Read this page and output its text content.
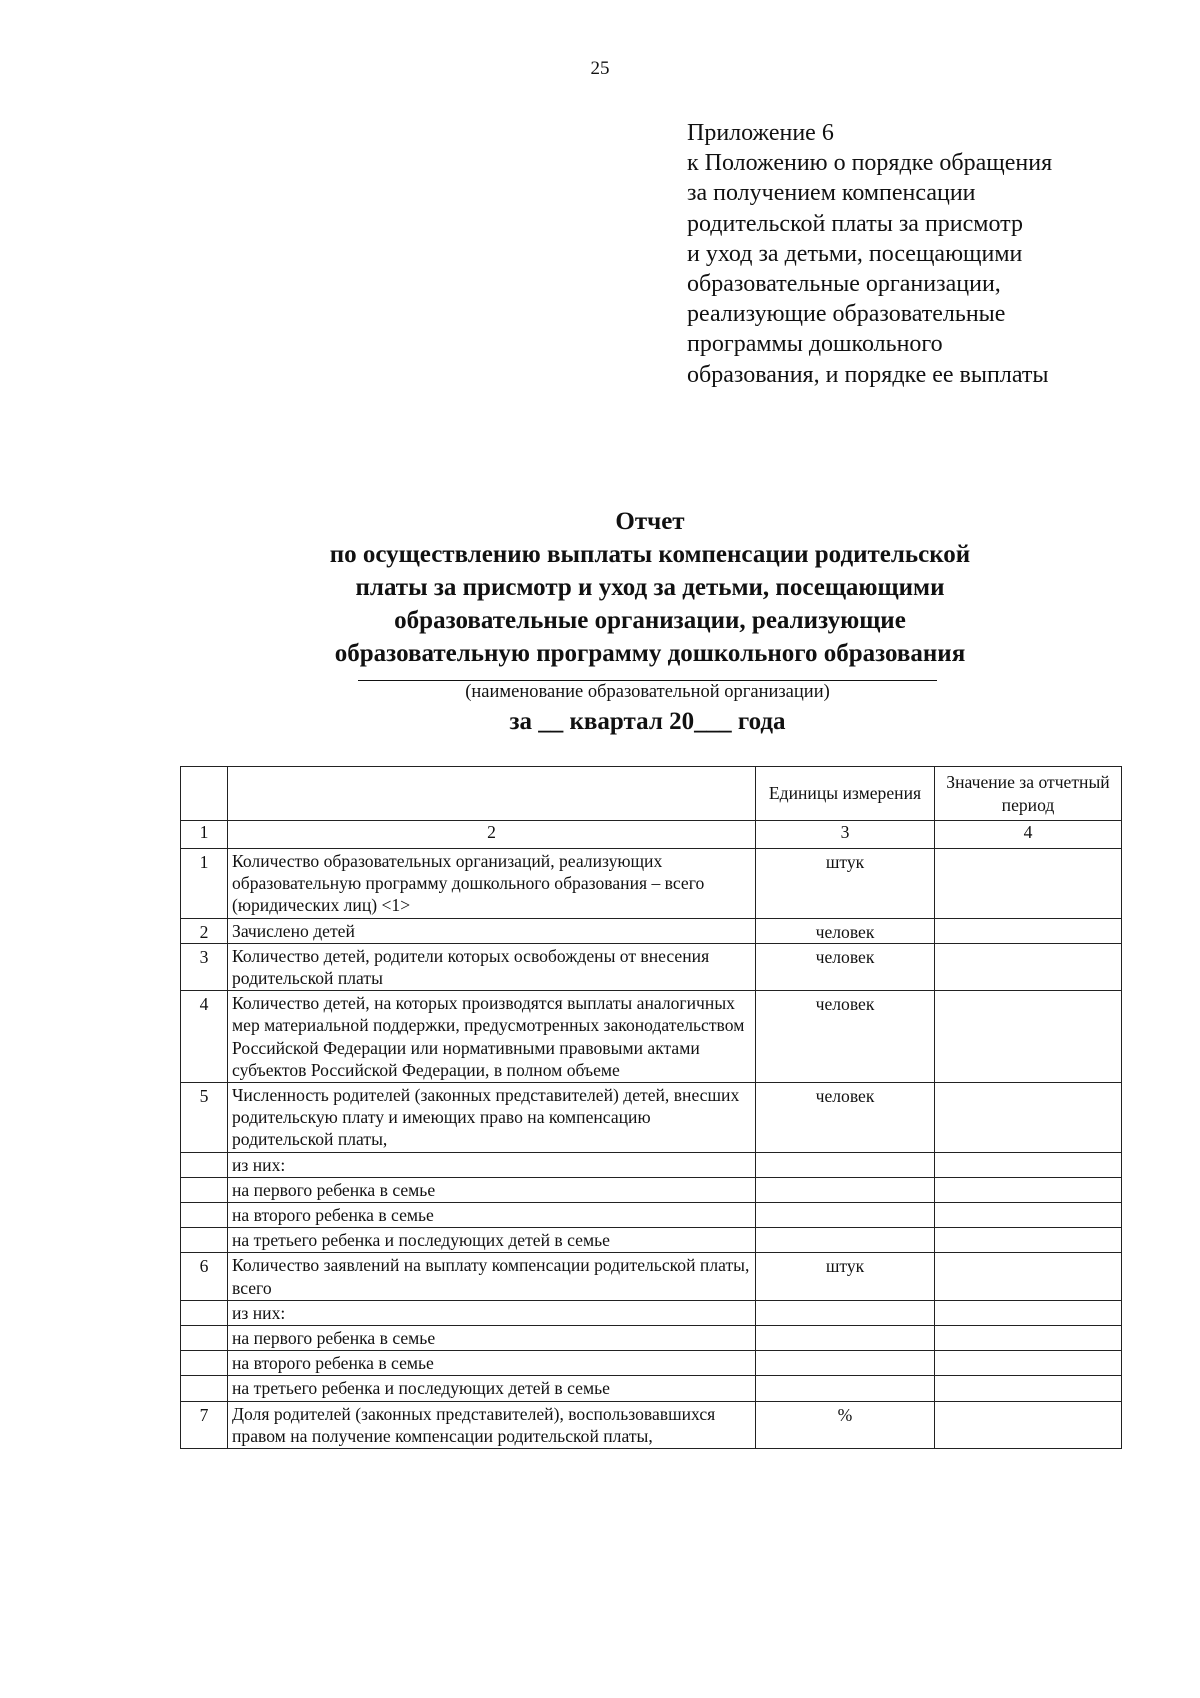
25
Приложение 6
к Положению о порядке обращения
за получением компенсации
родительской платы за присмотр
и уход за детьми, посещающими
образовательные организации,
реализующие образовательные
программы дошкольного
образования, и порядке ее выплаты
Отчет
по осуществлению выплаты компенсации родительской
платы за присмотр и уход за детьми, посещающими
образовательные организации, реализующие
образовательную программу дошкольного образования
(наименование образовательной организации)
за __ квартал 20___ года
		Единицы измерения	Значение за отчетный период
1	2	3	4
1	Количество образовательных организаций, реализующих образовательную программу дошкольного образования – всего (юридических лиц) <1>	штук	
2	Зачислено детей	человек	
3	Количество детей, родители которых освобождены от внесения родительской платы	человек	
4	Количество детей, на которых производятся выплаты аналогичных мер материальной поддержки, предусмотренных законодательством Российской Федерации или нормативными правовыми актами субъектов Российской Федерации, в полном объеме	человек	
5	Численность родителей (законных представителей) детей, внесших родительскую плату и имеющих право на компенсацию родительской платы,	человек	
	из них:		
	на первого ребенка в семье		
	на второго ребенка в семье		
	на третьего ребенка и последующих детей в семье		
6	Количество заявлений на выплату компенсации родительской платы, всего	штук	
	из них:		
	на первого ребенка в семье		
	на второго ребенка в семье		
	на третьего ребенка и последующих детей в семье		
7	Доля родителей (законных представителей), воспользовавшихся правом на получение компенсации родительской платы,	%	
